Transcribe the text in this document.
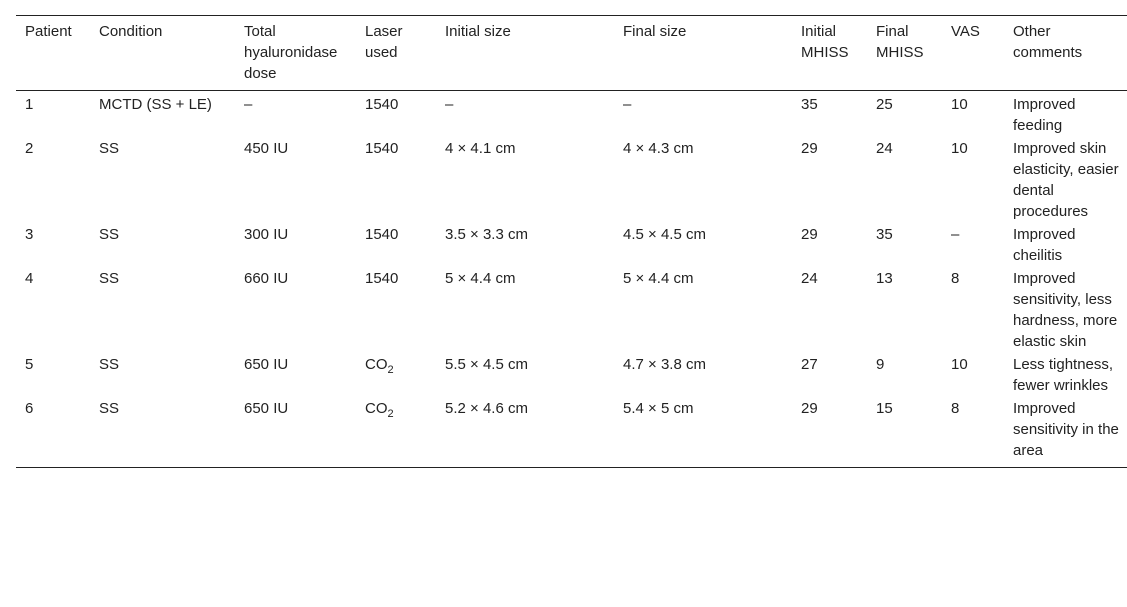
Patient	Condition	Total hyaluronidase dose	Laser used	Initial size	Final size	Initial MHISS	Final MHISS	VAS	Other comments
1	MCTD (SS + LE)	–	1540	–	–	35	25	10	Improved feeding
2	SS	450 IU	1540	4 × 4.1 cm	4 × 4.3 cm	29	24	10	Improved skin elasticity, easier dental procedures
3	SS	300 IU	1540	3.5 × 3.3 cm	4.5 × 4.5 cm	29	35	–	Improved cheilitis
4	SS	660 IU	1540	5 × 4.4 cm	5 × 4.4 cm	24	13	8	Improved sensitivity, less hardness, more elastic skin
5	SS	650 IU	$CO_2$	5.5 × 4.5 cm	4.7 × 3.8 cm	27	9	10	Less tightness, fewer wrinkles
6	SS	650 IU	$CO_2$	5.2 × 4.6 cm	5.4 × 5 cm	29	15	8	Improved sensitivity in the area
